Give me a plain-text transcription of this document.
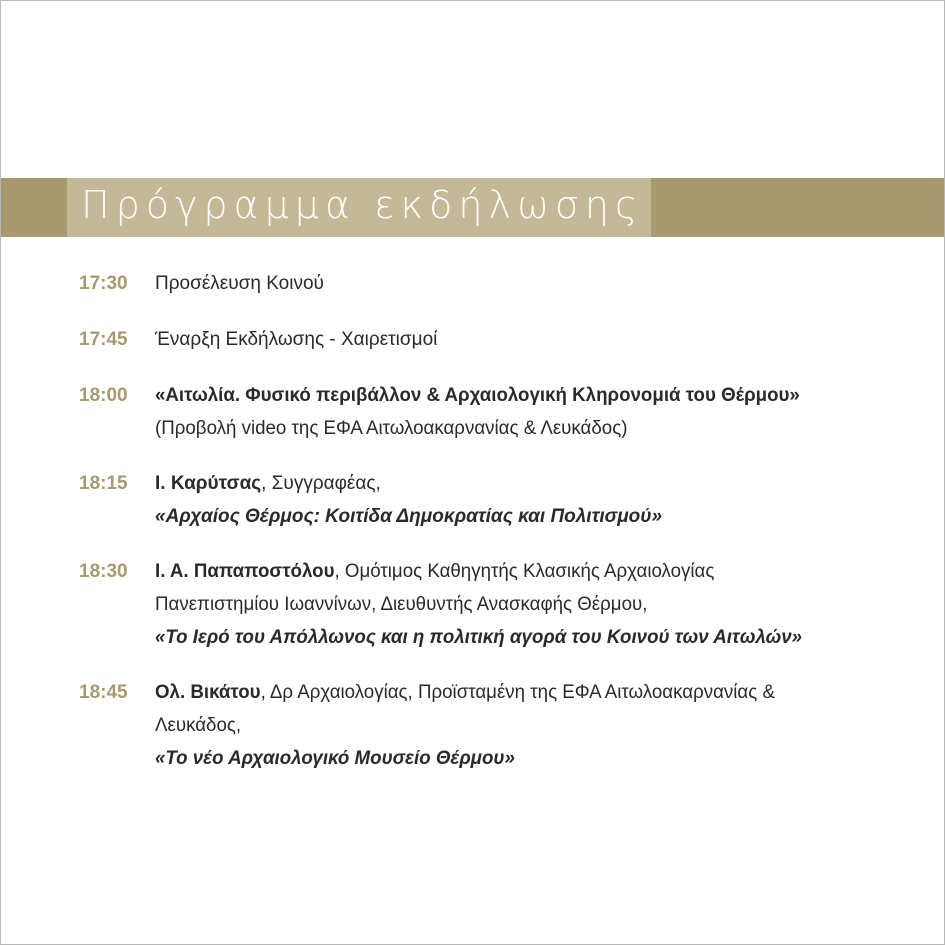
Πρόγραμμα εκδήλωσης
17:30	Προσέλευση Κοινού
17:45	Έναρξη Εκδήλωσης - Χαιρετισμοί
18:00	«Αιτωλία. Φυσικό περιβάλλον & Αρχαιολογική Κληρονομιά του Θέρμου»
(Προβολή video της ΕΦΑ Αιτωλοακαρνανίας & Λευκάδος)
18:15	Ι. Καρύτσας, Συγγραφέας,
«Αρχαίος Θέρμος: Κοιτίδα Δημοκρατίας και Πολιτισμού»
18:30	Ι. Α. Παπαποστόλου, Ομότιμος Καθηγητής Κλασικής Αρχαιολογίας
Πανεπιστημίου Ιωαννίνων, Διευθυντής Ανασκαφής Θέρμου,
«Το Ιερό του Απόλλωνος και η πολιτική αγορά του Κοινού των Αιτωλών»
18:45	Ολ. Βικάτου, Δρ Αρχαιολογίας, Προϊσταμένη της ΕΦΑ Αιτωλοακαρνανίας &
Λευκάδος,
«Το νέο Αρχαιολογικό Μουσείο Θέρμου»
